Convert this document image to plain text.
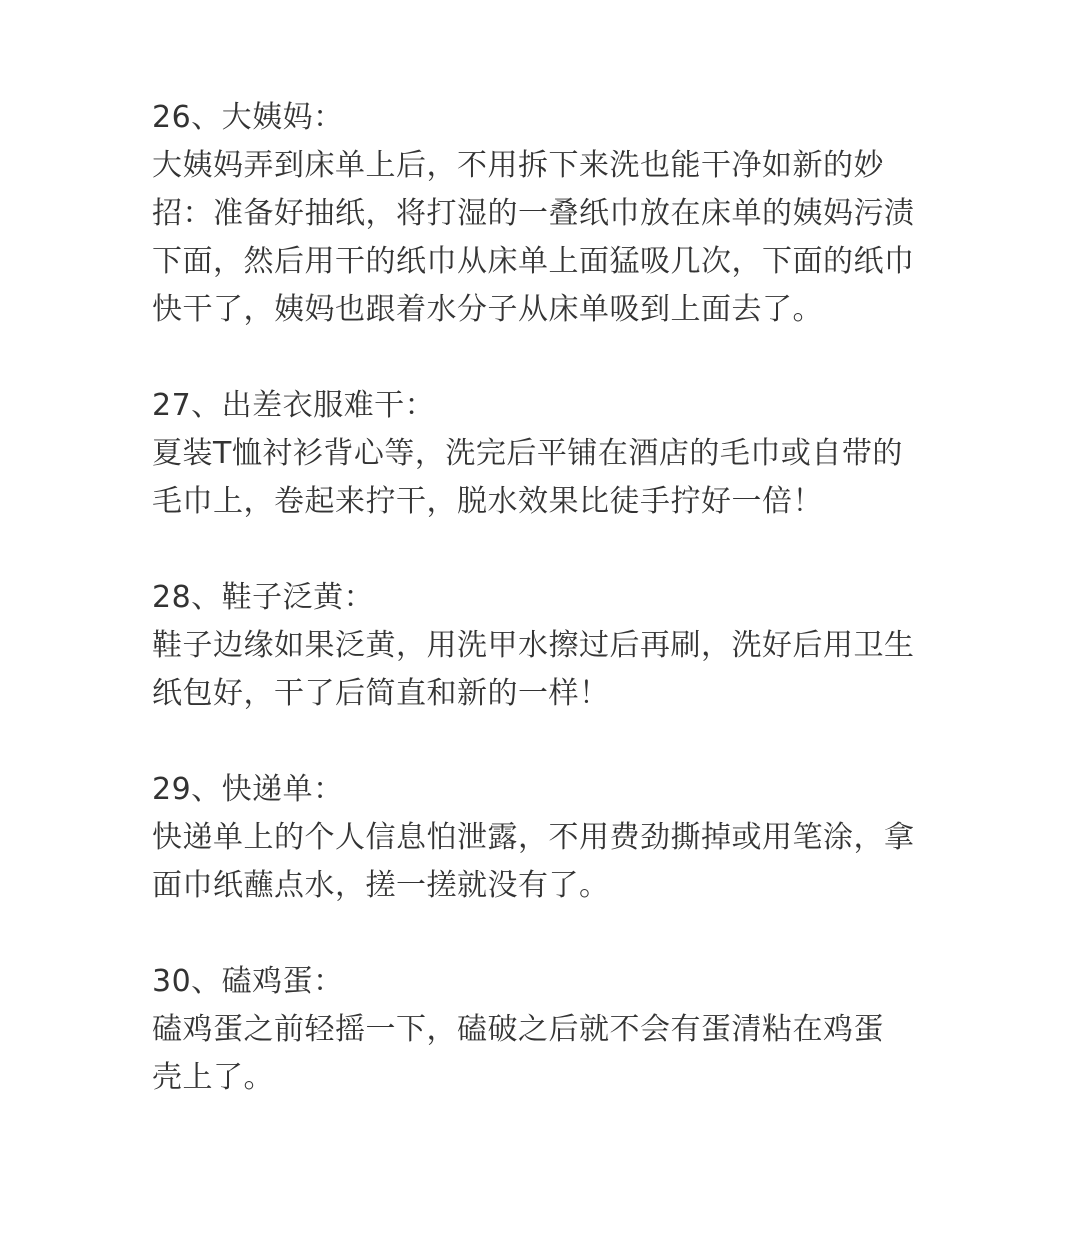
26、大姨妈：

大姨妈弄到床单上后，不用拆下来洗也能干净如新的妙

招：准备好抽纸，将打湿的一叠纸巾放在床单的姨妈污渍

下面，然后用干的纸巾从床单上面猛吸几次，下面的纸巾

快干了，姨妈也跟着水分子从床单吸到上面去了。

27、出差衣服难干：

夏装T恤衬衫背心等，洗完后平铺在酒店的毛巾或自带的

毛巾上，卷起来拧干，脱水效果比徒手拧好一倍！

28、鞋子泛黄：

鞋子边缘如果泛黄，用洗甲水擦过后再刷，洗好后用卫生

纸包好，干了后简直和新的一样！

29、快递单：

快递单上的个人信息怕泄露，不用费劲撕掉或用笔涂，拿

面巾纸蘸点水，搓一搓就没有了。

30、磕鸡蛋：

磕鸡蛋之前轻摇一下，磕破之后就不会有蛋清粘在鸡蛋

壳上了。
